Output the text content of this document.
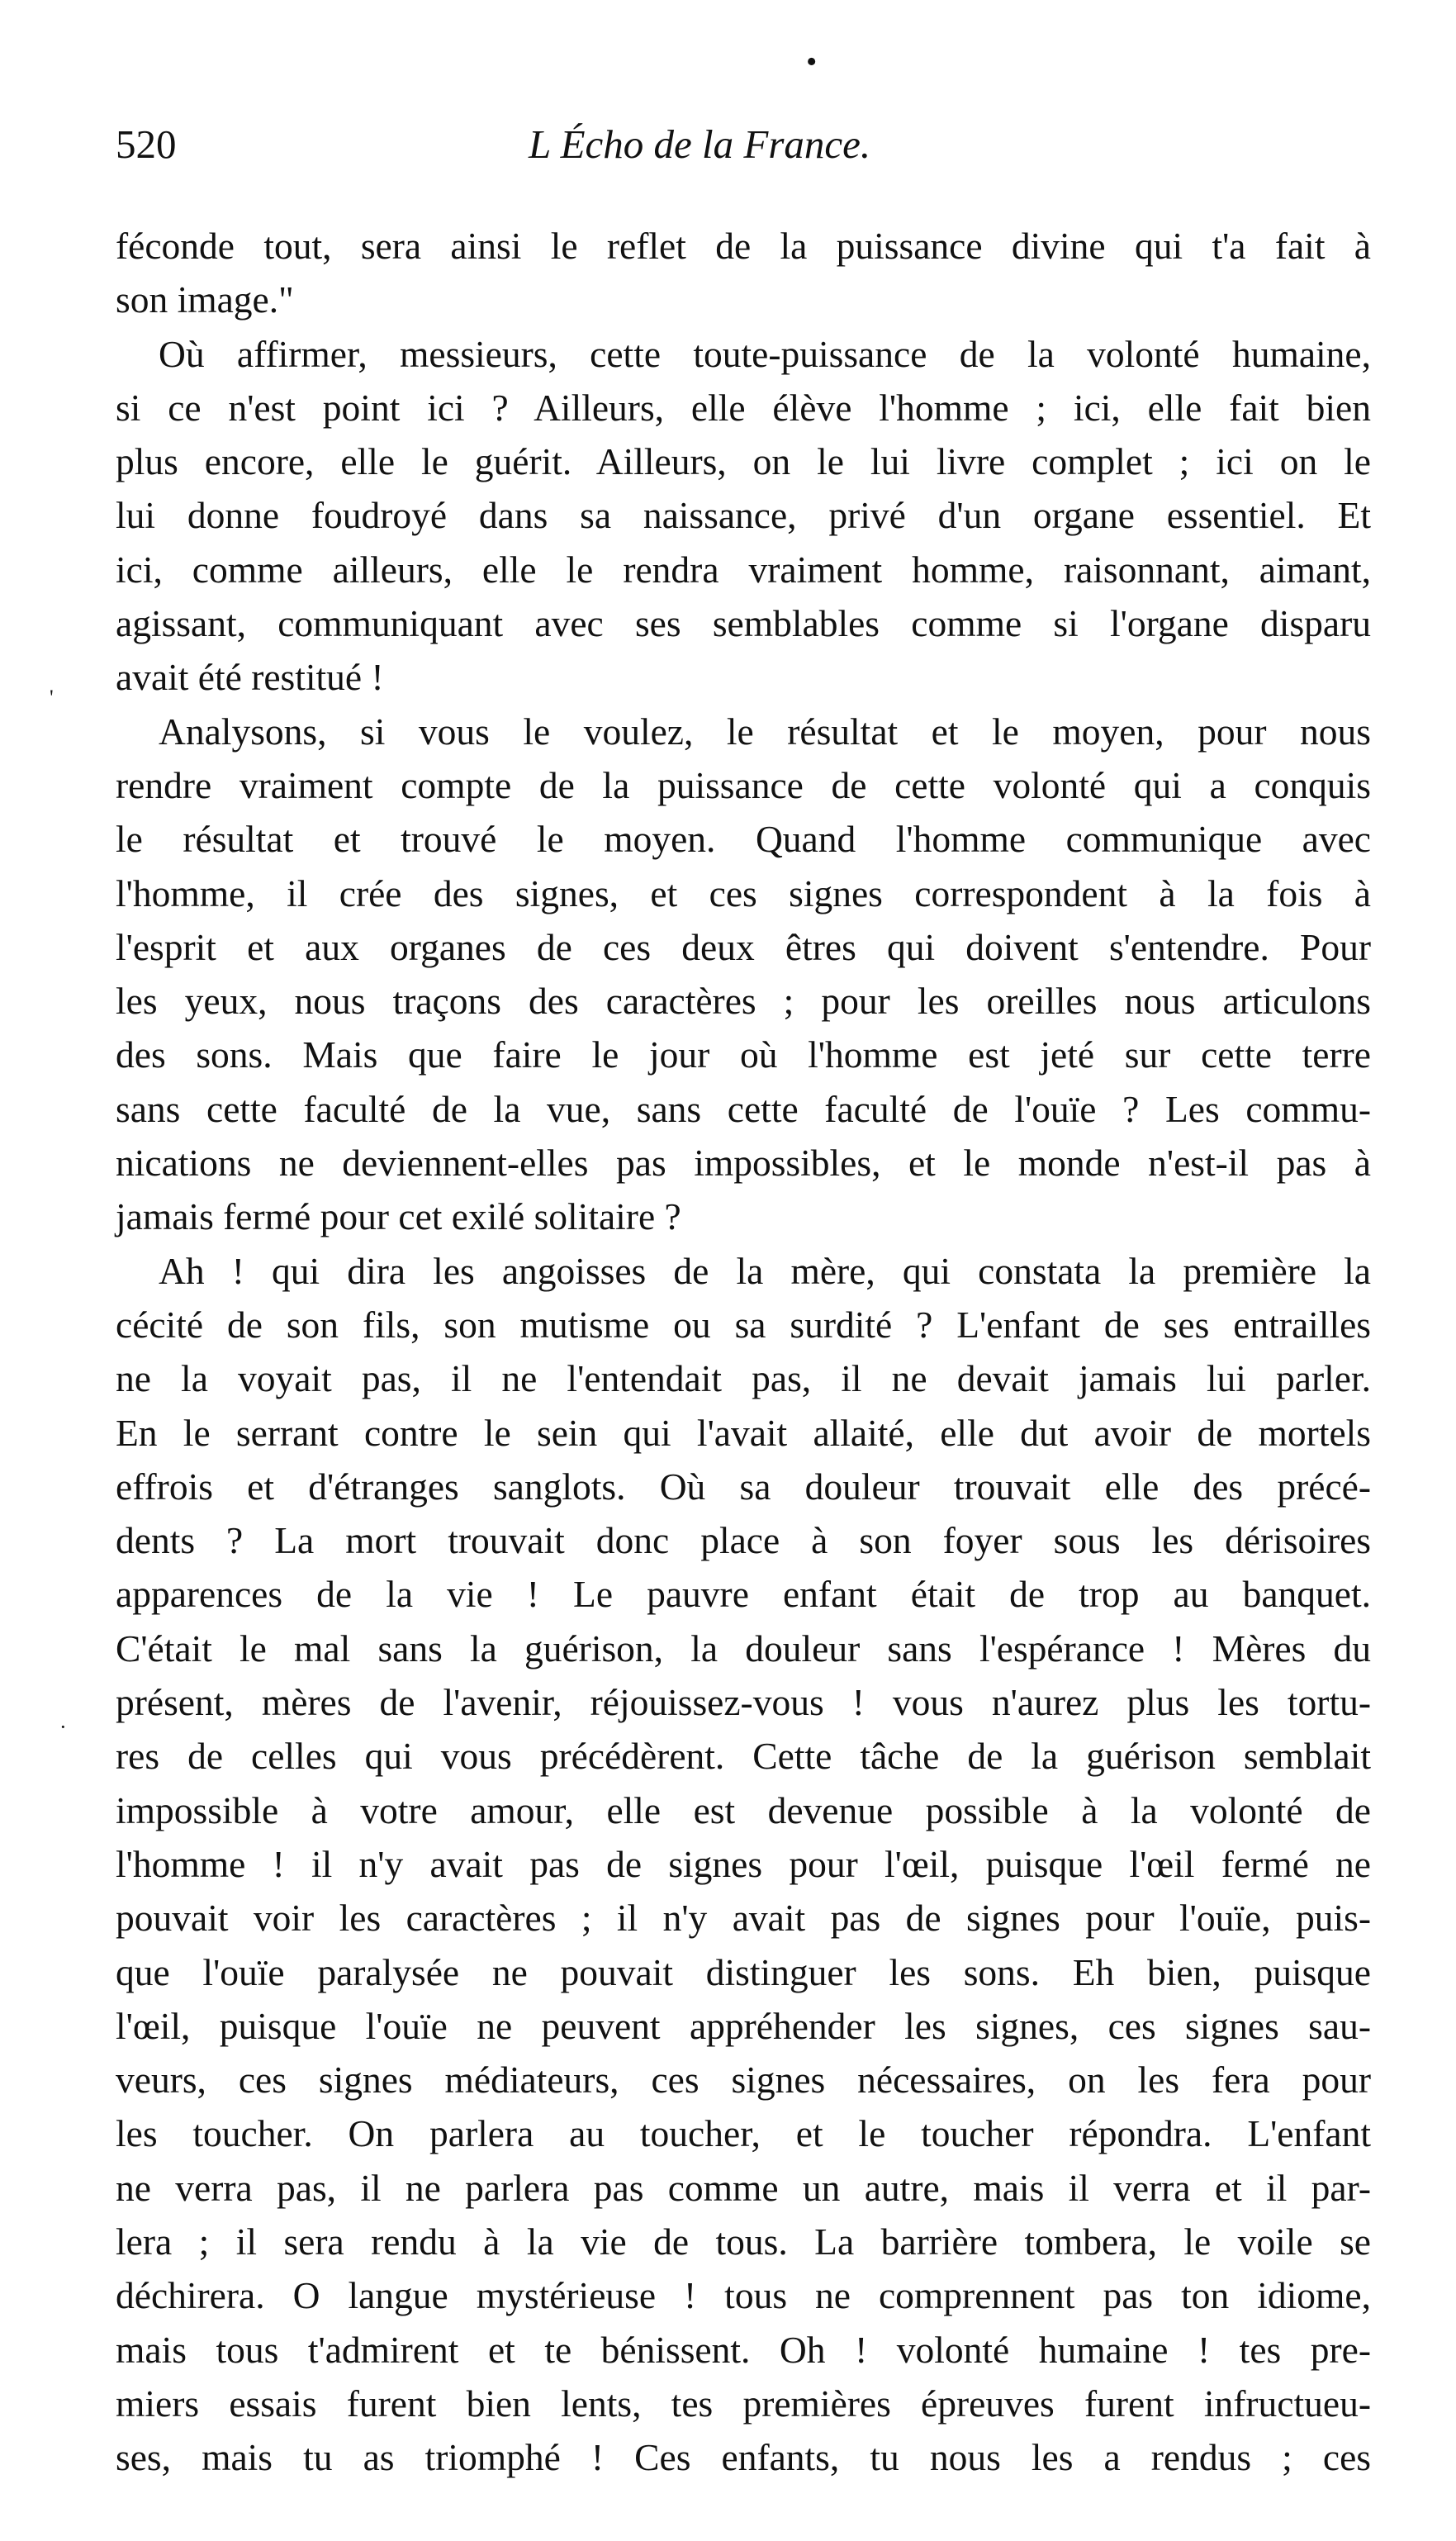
•
520	L Écho de la France.
'
·

féconde tout, sera ainsi le reflet de la puissance divine qui t'a fait à
son image."

Où affirmer, messieurs, cette toute-puissance de la volonté humaine,
si ce n'est point ici ? Ailleurs, elle élève l'homme ; ici, elle fait bien
plus encore, elle le guérit. Ailleurs, on le lui livre complet ; ici on le
lui donne foudroyé dans sa naissance, privé d'un organe essentiel. Et
ici, comme ailleurs, elle le rendra vraiment homme, raisonnant, aimant,
agissant, communiquant avec ses semblables comme si l'organe disparu
avait été restitué !

Analysons, si vous le voulez, le résultat et le moyen, pour nous
rendre vraiment compte de la puissance de cette volonté qui a conquis
le résultat et trouvé le moyen. Quand l'homme communique avec
l'homme, il crée des signes, et ces signes correspondent à la fois à
l'esprit et aux organes de ces deux êtres qui doivent s'entendre. Pour
les yeux, nous traçons des caractères ; pour les oreilles nous articulons
des sons. Mais que faire le jour où l'homme est jeté sur cette terre
sans cette faculté de la vue, sans cette faculté de l'ouïe ? Les commu-
nications ne deviennent-elles pas impossibles, et le monde n'est-il pas à
jamais fermé pour cet exilé solitaire ?

Ah ! qui dira les angoisses de la mère, qui constata la première la
cécité de son fils, son mutisme ou sa surdité ? L'enfant de ses entrailles
ne la voyait pas, il ne l'entendait pas, il ne devait jamais lui parler.
En le serrant contre le sein qui l'avait allaité, elle dut avoir de mortels
effrois et d'étranges sanglots. Où sa douleur trouvait elle des précé-
dents ? La mort trouvait donc place à son foyer sous les dérisoires
apparences de la vie ! Le pauvre enfant était de trop au banquet.
C'était le mal sans la guérison, la douleur sans l'espérance ! Mères du
présent, mères de l'avenir, réjouissez-vous ! vous n'aurez plus les tortu-
res de celles qui vous précédèrent. Cette tâche de la guérison semblait
impossible à votre amour, elle est devenue possible à la volonté de
l'homme ! il n'y avait pas de signes pour l'œil, puisque l'œil fermé ne
pouvait voir les caractères ; il n'y avait pas de signes pour l'ouïe, puis-
que l'ouïe paralysée ne pouvait distinguer les sons. Eh bien, puisque
l'œil, puisque l'ouïe ne peuvent appréhender les signes, ces signes sau-
veurs, ces signes médiateurs, ces signes nécessaires, on les fera pour
les toucher. On parlera au toucher, et le toucher répondra. L'enfant
ne verra pas, il ne parlera pas comme un autre, mais il verra et il par-
lera ; il sera rendu à la vie de tous. La barrière tombera, le voile se
déchirera. O langue mystérieuse ! tous ne comprennent pas ton idiome,
mais tous t'admirent et te bénissent. Oh ! volonté humaine ! tes pre-
miers essais furent bien lents, tes premières épreuves furent infructueu-
ses, mais tu as triomphé ! Ces enfants, tu nous les a rendus ; ces
